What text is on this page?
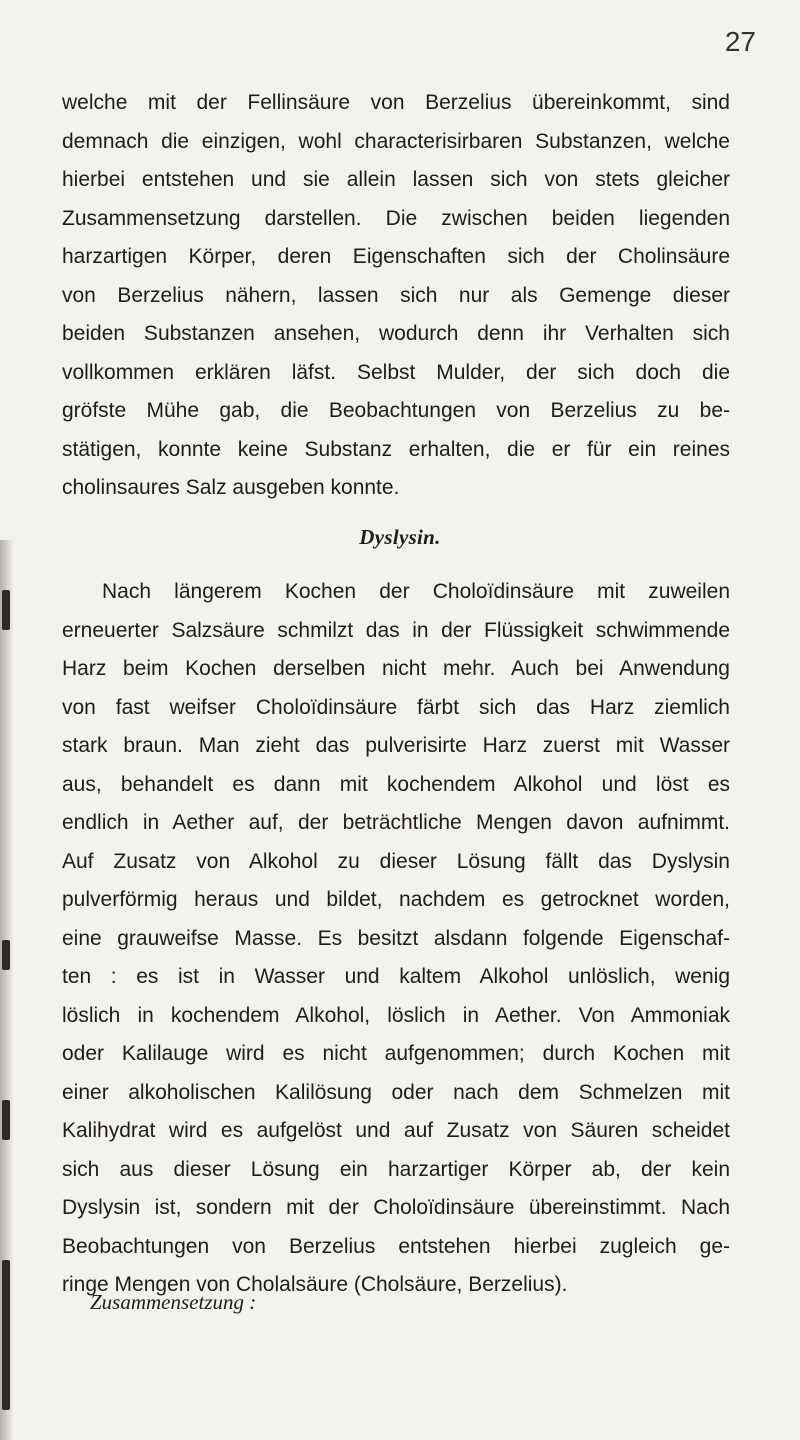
27
welche mit der Fellinsäure von Berzelius übereinkommt, sind
demnach die einzigen, wohl characterisirbaren Substanzen, welche
hierbei entstehen und sie allein lassen sich von stets gleicher
Zusammensetzung darstellen. Die zwischen beiden liegenden
harzartigen Körper, deren Eigenschaften sich der Cholinsäure
von Berzelius nähern, lassen sich nur als Gemenge dieser
beiden Substanzen ansehen, wodurch denn ihr Verhalten sich
vollkommen erklären läfst. Selbst Mulder, der sich doch die
gröfste Mühe gab, die Beobachtungen von Berzelius zu be-
stätigen, konnte keine Substanz erhalten, die er für ein reines
cholinsaures Salz ausgeben konnte.
Dyslysin.
Nach längerem Kochen der Choloïdinsäure mit zuweilen
erneuerter Salzsäure schmilzt das in der Flüssigkeit schwimmende
Harz beim Kochen derselben nicht mehr. Auch bei Anwendung
von fast weifser Choloïdinsäure färbt sich das Harz ziemlich
stark braun. Man zieht das pulverisirte Harz zuerst mit Wasser
aus, behandelt es dann mit kochendem Alkohol und löst es
endlich in Aether auf, der beträchtliche Mengen davon aufnimmt.
Auf Zusatz von Alkohol zu dieser Lösung fällt das Dyslysin
pulverförmig heraus und bildet, nachdem es getrocknet worden,
eine grauweifse Masse. Es besitzt alsdann folgende Eigenschaf-
ten : es ist in Wasser und kaltem Alkohol unlöslich, wenig
löslich in kochendem Alkohol, löslich in Aether. Von Ammoniak
oder Kalilauge wird es nicht aufgenommen; durch Kochen mit
einer alkoholischen Kalilösung oder nach dem Schmelzen mit
Kalihydrat wird es aufgelöst und auf Zusatz von Säuren scheidet
sich aus dieser Lösung ein harzartiger Körper ab, der kein
Dyslysin ist, sondern mit der Choloïdinsäure übereinstimmt. Nach
Beobachtungen von Berzelius entstehen hierbei zugleich ge-
ringe Mengen von Cholalsäure (Cholsäure, Berzelius).
Zusammensetzung :
